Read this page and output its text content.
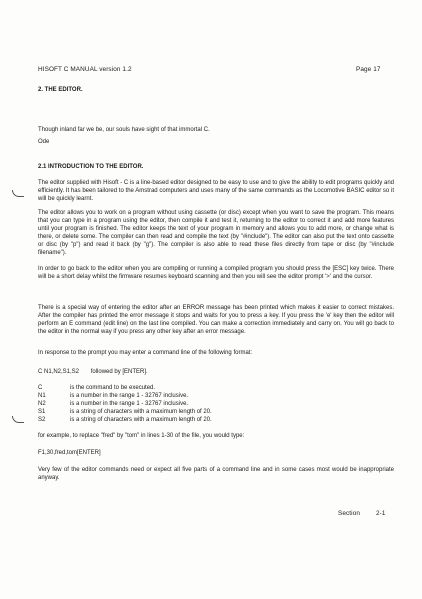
HISOFT C MANUAL version 1.2	Page 17
2. THE EDITOR.
Though inland far we be, our souls have sight of that immortal C.
Ode
2.1 INTRODUCTION TO THE EDITOR.

The editor supplied with Hisoft - C is a line-based editor designed to be easy to use and to give the ability to edit programs quickly and efficiently. It has been tailored to the Amstrad computers and uses many of the same commands as the Locomotive BASIC editor so it will be quickly learnt.

The editor allows you to work on a program without using cassette (or disc) except when you want to save the program. This means that you can type in a program using the editor, then compile it and test it, returning to the editor to correct it and add more features until your program is finished. The editor keeps the text of your program in memory and allows you to add more, or change what is there, or delete some. The compiler can then read and compile the text (by "#include"). The editor can also put the text onto cassette or disc (by "p") and read it back (by "g"). The compiler is also able to read these files directly from tape or disc (by "#include filename").

In order to go back to the editor when you are compiling or running a compiled program you should press the [ESC] key twice. There will be a short delay whilst the firmware resumes keyboard scanning and then you will see the editor prompt '>' and the cursor.

There is a special way of entering the editor after an ERROR message has been printed which makes it easier to correct mistakes. After the compiler has printed the error message it stops and waits for you to press a key. If you press the 'e' key then the editor will perform an E command (edit line) on the last line compiled. You can make a correction immediately and carry on. You will go back to the editor in the normal way if you press any other key after an error message.

In response to the prompt you may enter a command line of the following format:

C N1,N2,S1,S2 followed by [ENTER].
C	is the command to be executed.
N1	is a number in the range 1 - 32767 inclusive.
N2	is a number in the range 1 - 32767 inclusive.
S1	is a string of characters with a maximum length of 20.
S2	is a string of characters with a maximum length of 20.
for example, to replace "fred" by "tom" in lines 1-30 of the file, you would type:
F1,30,fred,tom[ENTER]

Very few of the editor commands need or expect all five parts of a command line and in some cases most would be inappropriate anyway.

Section 2-1
